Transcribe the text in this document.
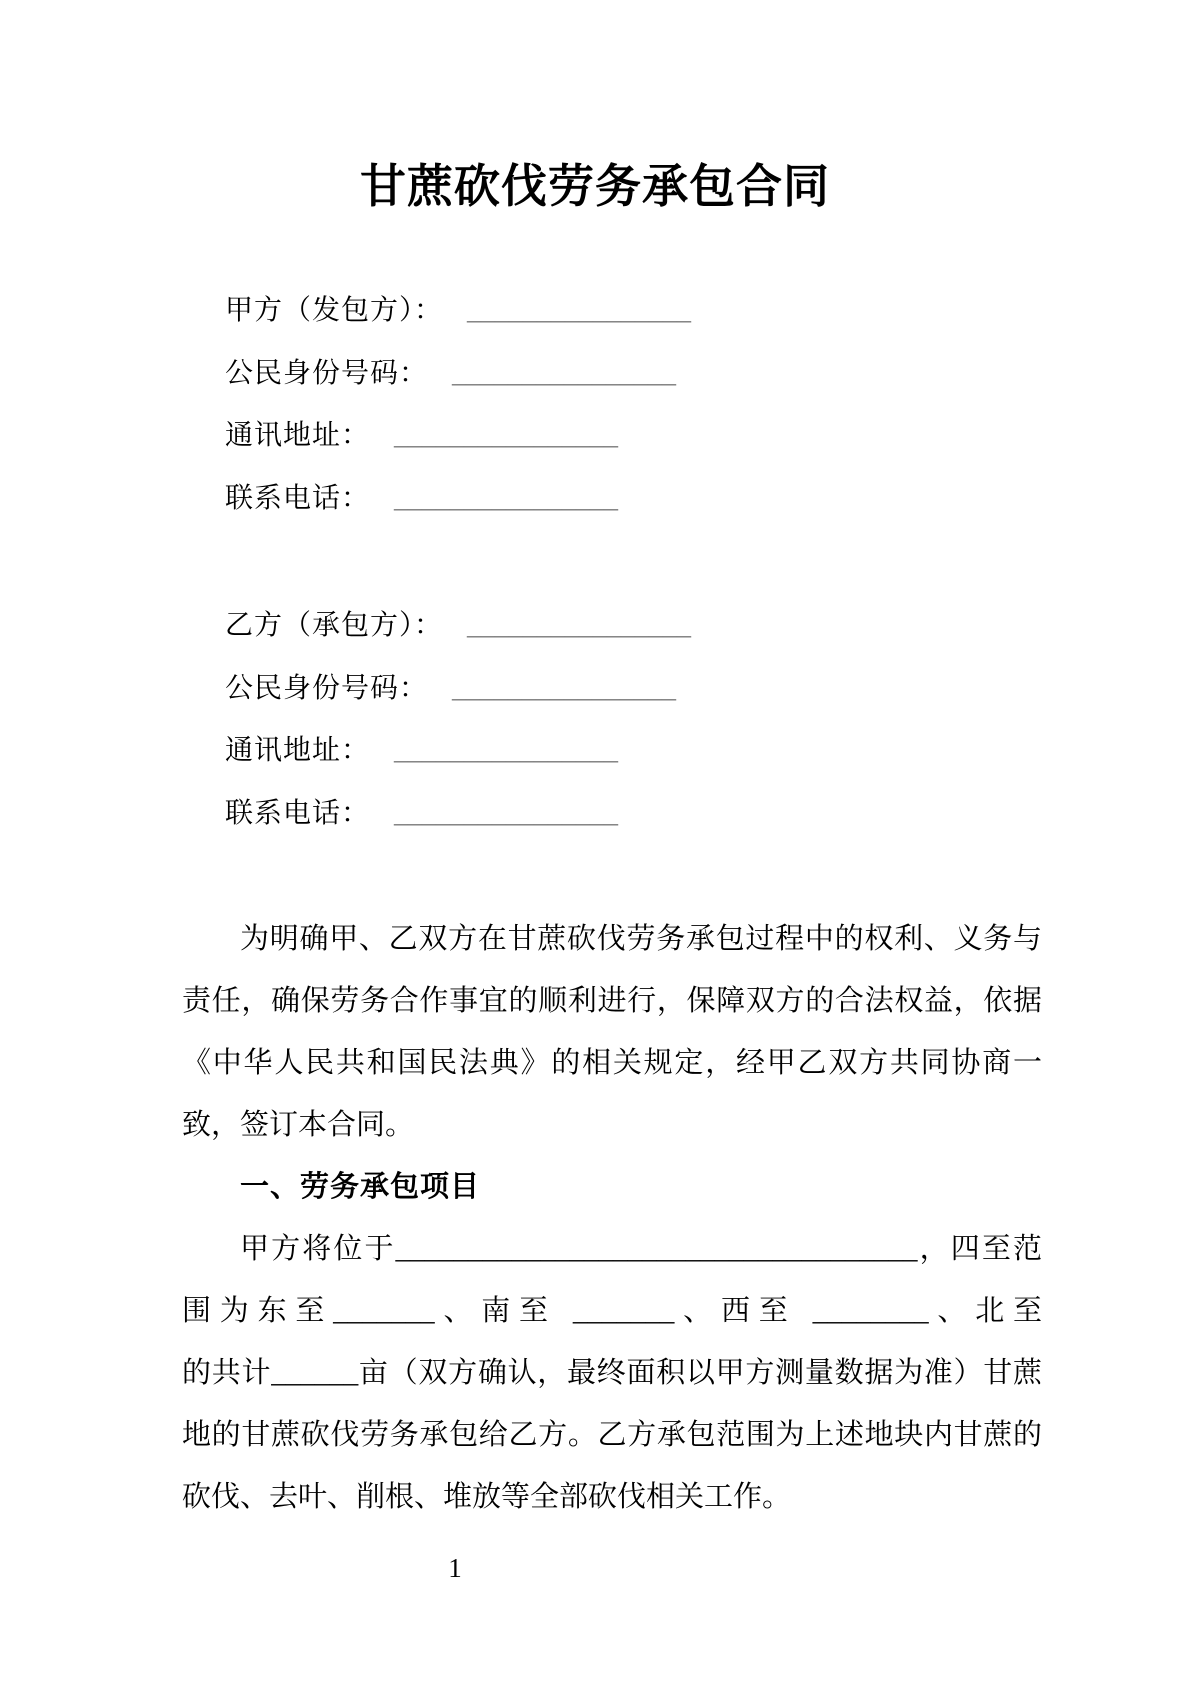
甘蔗砍伐劳务承包合同
甲方（发包方）： ________________
公民身份号码： ________________
通讯地址： ________________
联系电话： ________________
乙方（承包方）： ________________
公民身份号码： ________________
通讯地址： ________________
联系电话： ________________

为明确甲、乙双方在甘蔗砍伐劳务承包过程中的权利、义务与

责任，确保劳务合作事宜的顺利进行，保障双方的合法权益，依据

《中华人民共和国民法典》的相关规定，经甲乙双方共同协商一

致，签订本合同。

一、劳务承包项目

甲方将位于____________________________________，四至范

围为东至_______、南至 _______、西至 ________、北至

的共计______亩（双方确认，最终面积以甲方测量数据为准）甘蔗

地的甘蔗砍伐劳务承包给乙方。乙方承包范围为上述地块内甘蔗的

砍伐、去叶、削根、堆放等全部砍伐相关工作。

1
